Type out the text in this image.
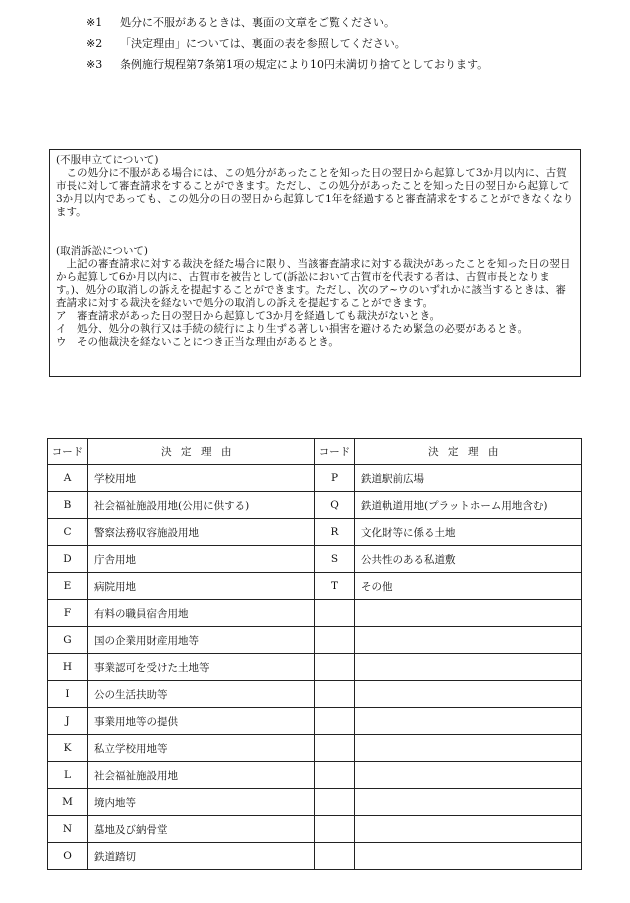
※1 処分に不服があるときは、裏面の文章をご覧ください。
※2 「決定理由」については、裏面の表を参照してください。
※3 条例施行規程第7条第1項の規定により10円未満切り捨てとしております。

(不服申立てについて)

この処分に不服がある場合には、この処分があったことを知った日の翌日から起算して3か月以内に、古賀市長に対して審査請求をすることができます。ただし、この処分があったことを知った日の翌日から起算して3か月以内であっても、この処分の日の翌日から起算して1年を経過すると審査請求をすることができなくなります。

(取消訴訟について)

上記の審査請求に対する裁決を経た場合に限り、当該審査請求に対する裁決があったことを知った日の翌日から起算して6か月以内に、古賀市を被告として(訴訟において古賀市を代表する者は、古賀市長となります。)、処分の取消しの訴えを提起することができます。ただし、次のア~ウのいずれかに該当するときは、審査請求に対する裁決を経ないで処分の取消しの訴えを提起することができます。

ア　審査請求があった日の翌日から起算して3か月を経過しても裁決がないとき。

イ　処分、処分の執行又は手続の続行により生ずる著しい損害を避けるため緊急の必要があるとき。

ウ　その他裁決を経ないことにつき正当な理由があるとき。

コード	決定理由	コード	決定理由
A	学校用地	P	鉄道駅前広場
B	社会福祉施設用地(公用に供する)	Q	鉄道軌道用地(プラットホーム用地含む)
C	警察法務収容施設用地	R	文化財等に係る土地
D	庁舎用地	S	公共性のある私道敷
E	病院用地	T	その他
F	有料の職員宿舎用地		
G	国の企業用財産用地等		
H	事業認可を受けた土地等		
I	公の生活扶助等		
J	事業用地等の提供		
K	私立学校用地等		
L	社会福祉施設用地		
M	境内地等		
N	墓地及び納骨堂		
O	鉄道踏切		
